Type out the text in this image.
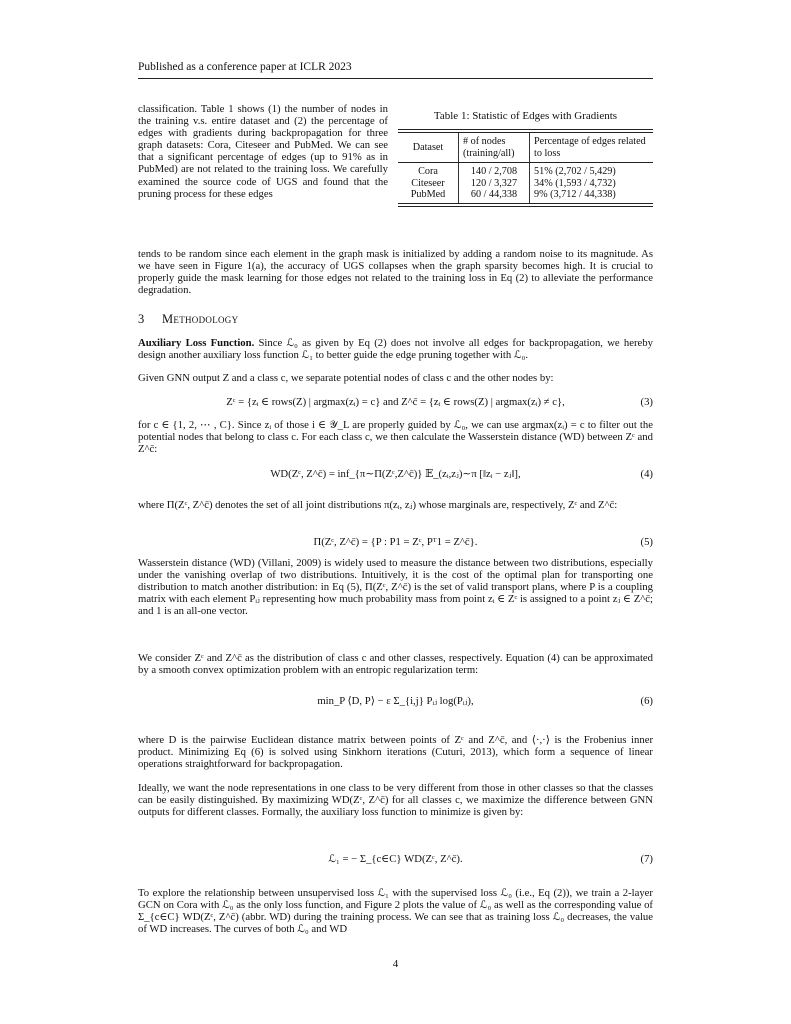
Published as a conference paper at ICLR 2023
classification. Table 1 shows (1) the number of nodes in the training v.s. entire dataset and (2) the percentage of edges with gradients during backpropagation for three graph datasets: Cora, Citeseer and PubMed. We can see that a significant percentage of edges (up to 91% as in PubMed) are not related to the training loss. We carefully examined the source code of UGS and found that the pruning process for these edges
Table 1: Statistic of Edges with Gradients
Dataset	# of nodes (training/all)	Percentage of edges related to loss

Cora	140 / 2,708	51% (2,702 / 5,429)
Citeseer	120 / 3,327	34% (1,593 / 4,732)
PubMed	60 / 44,338	9% (3,712 / 44,338)
tends to be random since each element in the graph mask is initialized by adding a random noise to its magnitude. As we have seen in Figure 1(a), the accuracy of UGS collapses when the graph sparsity becomes high. It is crucial to properly guide the mask learning for those edges not related to the training loss in Eq (2) to alleviate the performance degradation.
3 Methodology
Auxiliary Loss Function. Since ℒ₀ as given by Eq (2) does not involve all edges for backpropagation, we hereby design another auxiliary loss function ℒ₁ to better guide the edge pruning together with ℒ₀.
Given GNN output Z and a class c, we separate potential nodes of class c and the other nodes by:
Zᶜ = {zᵢ ∈ rows(Z) | argmax(zᵢ) = c} and Z^c̄ = {zᵢ ∈ rows(Z) | argmax(zᵢ) ≠ c},	(3)
for c ∈ {1, 2, ⋯ , C}. Since zᵢ of those i ∈ 𝒴_L are properly guided by ℒ₀, we can use argmax(zᵢ) = c to filter out the potential nodes that belong to class c. For each class c, we then calculate the Wasserstein distance (WD) between Zᶜ and Z^c̄:
WD(Zᶜ, Z^c̄) = inf_{π∼Π(Zᶜ,Z^c̄)} 𝔼_(zᵢ,zⱼ)∼π [‖zᵢ − zⱼ‖],	(4)
where Π(Zᶜ, Z^c̄) denotes the set of all joint distributions π(zᵢ, zⱼ) whose marginals are, respectively, Zᶜ and Z^c̄:
Π(Zᶜ, Z^c̄) = {P : P1 = Zᶜ, Pᵀ1 = Z^c̄}.	(5)
Wasserstein distance (WD) (Villani, 2009) is widely used to measure the distance between two distributions, especially under the vanishing overlap of two distributions. Intuitively, it is the cost of the optimal plan for transporting one distribution to match another distribution: in Eq (5), Π(Zᶜ, Z^c̄) is the set of valid transport plans, where P is a coupling matrix with each element Pᵢⱼ representing how much probability mass from point zᵢ ∈ Zᶜ is assigned to a point zⱼ ∈ Z^c̄; and 1 is an all-one vector.
We consider Zᶜ and Z^c̄ as the distribution of class c and other classes, respectively. Equation (4) can be approximated by a smooth convex optimization problem with an entropic regularization term:
min_P ⟨D, P⟩ − ε Σ_{i,j} Pᵢⱼ log(Pᵢⱼ),	(6)
where D is the pairwise Euclidean distance matrix between points of Zᶜ and Z^c̄, and ⟨·,·⟩ is the Frobenius inner product. Minimizing Eq (6) is solved using Sinkhorn iterations (Cuturi, 2013), which form a sequence of linear operations straightforward for backpropagation.
Ideally, we want the node representations in one class to be very different from those in other classes so that the classes can be easily distinguished. By maximizing WD(Zᶜ, Z^c̄) for all classes c, we maximize the difference between GNN outputs for different classes. Formally, the auxiliary loss function to minimize is given by:
ℒ₁ = − Σ_{c∈C} WD(Zᶜ, Z^c̄).	(7)
To explore the relationship between unsupervised loss ℒ₁ with the supervised loss ℒ₀ (i.e., Eq (2)), we train a 2-layer GCN on Cora with ℒ₀ as the only loss function, and Figure 2 plots the value of ℒ₀ as well as the corresponding value of Σ_{c∈C} WD(Zᶜ, Z^c̄) (abbr. WD) during the training process. We can see that as training loss ℒ₀ decreases, the value of WD increases. The curves of both ℒ₀ and WD
4
